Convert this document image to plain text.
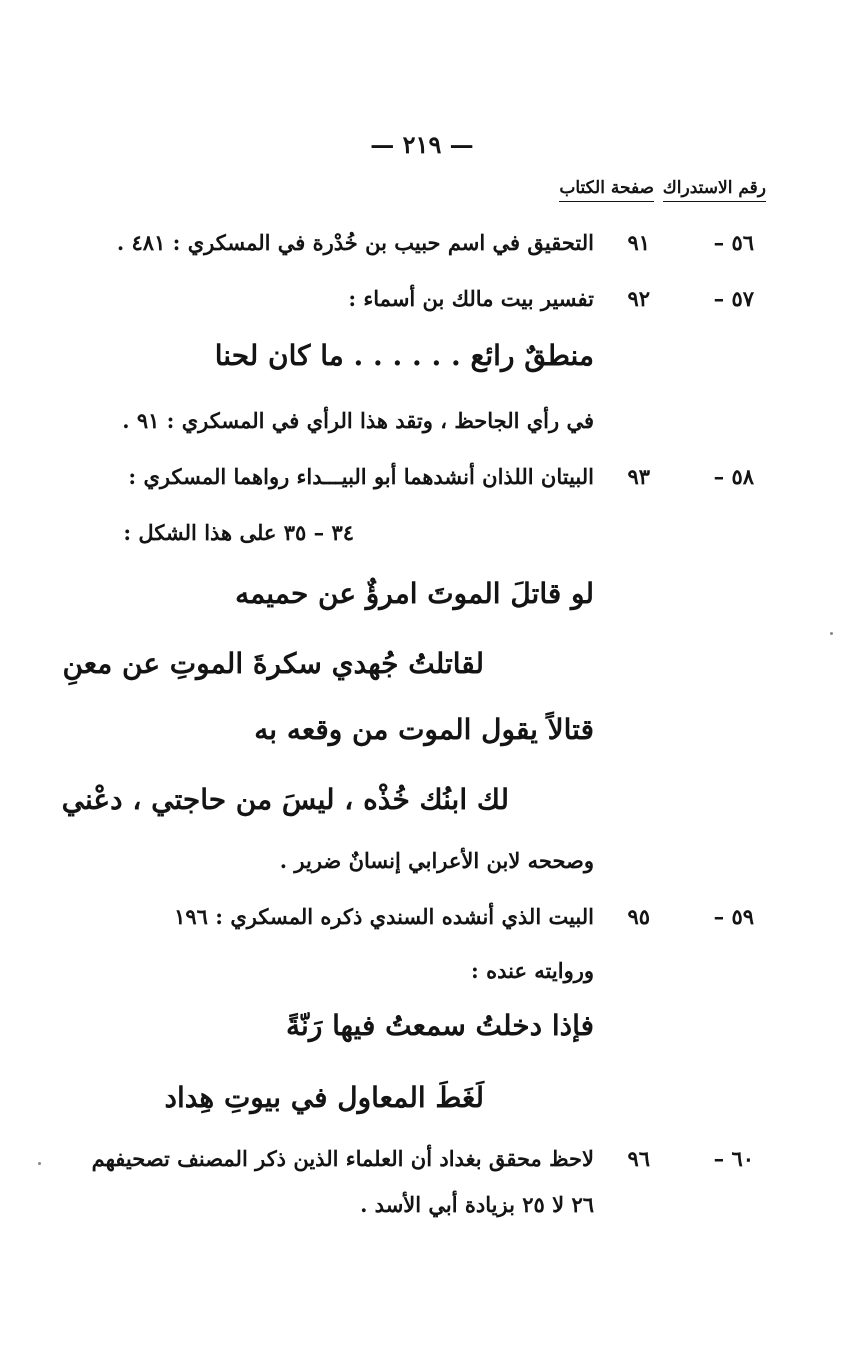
— ٢١٩ —
رقم الاستدراك
صفحة الكتاب
٥٦ –
٩١
التحقيق في اسم حبيب بن خُدْرة في المسكري : ٤٨١ .
٥٧ –
٩٢
تفسير بيت مالك بن أسماء :
منطقٌ رائع . . . . . . ما كان لحنا
في رأي الجاحظ ، وتقد هذا الرأي في المسكري : ٩١ .
٥٨ –
٩٣
البيتان اللذان أنشدهما أبو البيـــداء رواهما المسكري :
٣٤ – ٣٥ على هذا الشكل :
لو قاتلَ الموتَ امرؤٌ عن حميمه
لقاتلتُ جُهدي سكرةَ الموتِ عن معنِ
قتالاً يقول الموت من وقعه به
لك ابنُك خُذْه ، ليسَ من حاجتي ، دعْني
وصححه لابن الأعرابي إنسانٌ ضرير .
٥٩ –
٩٥
البيت الذي أنشده السندي ذكره المسكري : ١٩٦
وروايته عنده :
فإذا دخلتُ سمعتُ فيها رَنّةً
لَغَطَ المعاول في بيوتِ هِداد
٦٠ –
٩٦
لاحظ محقق بغداد أن العلماء الذين ذكر المصنف تصحيفهم
٢٦ لا ٢٥ بزيادة أبي الأسد .
